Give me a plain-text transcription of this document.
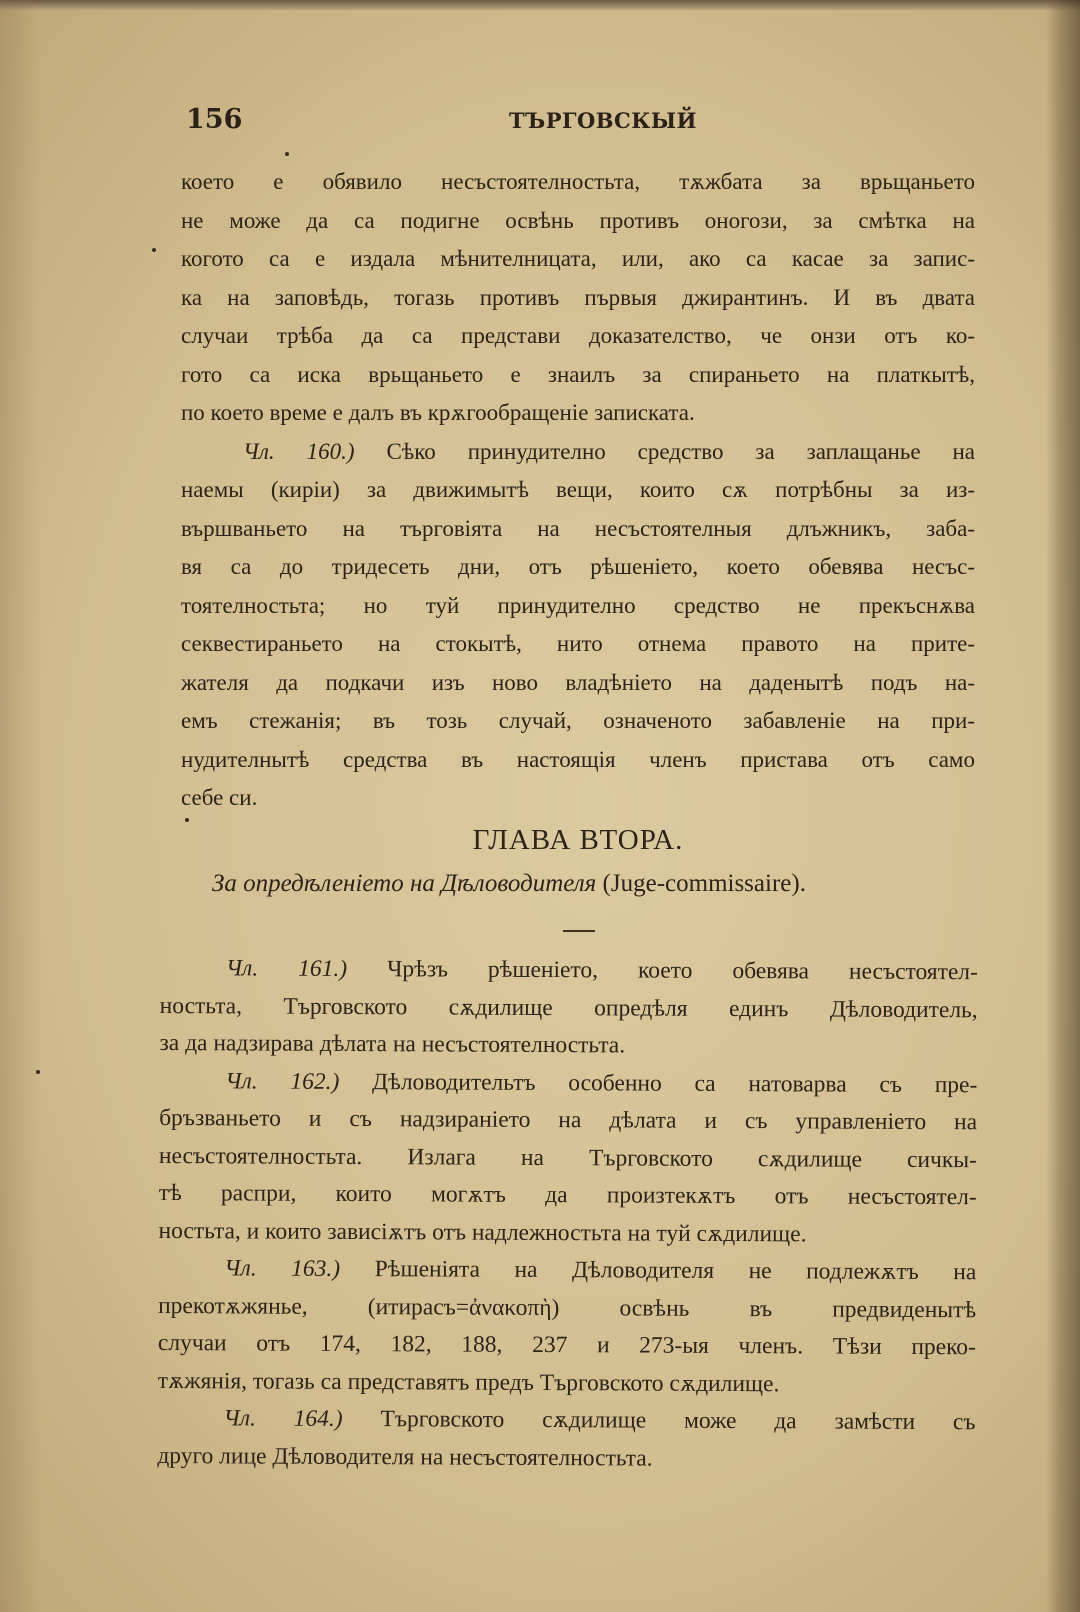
156	ТЪРГОВСКЫЙ
което е обявило несъстоятелностьта, тѫжбата за врьщаньето
не може да са подигне освѣнь противъ оногози, за смѣтка на
когото са е издала мѣнителницата, или, ако са касае за запис-
ка на заповѣдь, тогазь противъ първыя джирантинъ. И въ двата
случаи трѣба да са представи доказателство, че онзи отъ ко-
гото са иска врьщаньето е знаилъ за спираньето на платкытѣ,
по което време е далъ въ крѫгообращеніе записката.
Чл. 160.) Сѣко принудително средство за заплащанье на
наемы (киріи) за движимытѣ вещи, които сѫ потрѣбны за из-
вършваньето на търговіята на несъстоятелныя длъжникъ, заба-
вя са до тридесеть дни, отъ рѣшеніето, което обевява несъс-
тоятелностьта; но туй принудително средство не прекъснѫва
секвестираньето на стокытѣ, нито отнема правото на прите-
жателя да подкачи изъ ново владѣніето на даденытѣ подъ на-
емъ стежанія; въ тозь случай, означеното забавленіе на при-
нудителнытѣ средства въ настоящія членъ пристава отъ само
себе си.
ГЛАВА ВТОРА.
За опредѣленіето на Дѣловодителя (Juge-commissaire).
Чл. 161.) Чрѣзъ рѣшеніето, което обевява несъстоятел-
ностьта, Търговското сѫдилище опредѣля единъ Дѣловодитель,
за да надзирава дѣлата на несъстоятелностьта.
Чл. 162.) Дѣловодительтъ особенно са натоварва съ пре-
бръзваньето и съ надзираніето на дѣлата и съ управленіето на
несъстоятелностьта. Излага на Търговското сѫдилище сичкы-
тѣ распри, които могѫтъ да произтекѫтъ отъ несъстоятел-
ностьта, и които зависіѫтъ отъ надлежностьта на туй сѫдилище.
Чл. 163.) Рѣшеніята на Дѣловодителя не подлежѫтъ на
прекотѫжянье, (итирасъ=ἀνακοπὴ) освѣнь въ предвиденытѣ
случаи отъ 174, 182, 188, 237 и 273-ыя членъ. Тѣзи преко-
тѫжянія, тогазь са представятъ предъ Търговското сѫдилище.
Чл. 164.) Търговското сѫдилище може да замѣсти съ
друго лице Дѣловодителя на несъстоятелностьта.
